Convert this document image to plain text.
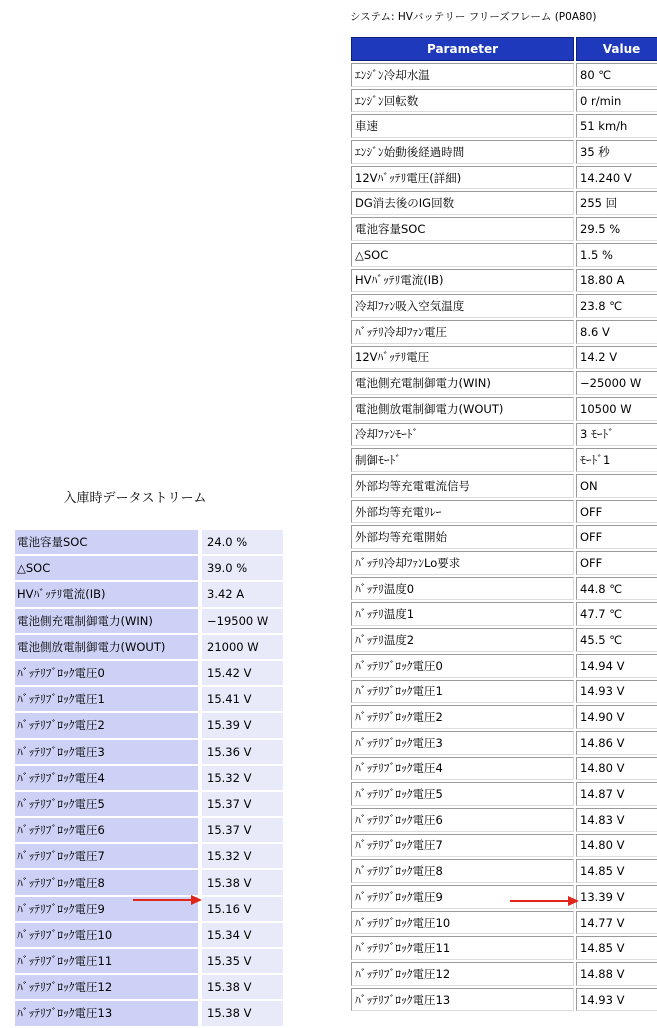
入庫時データストリーム
電池容量SOC	24.0 %
△SOC	39.0 %
HVﾊﾞｯﾃﾘ電流(IB)	3.42 A
電池側充電制御電力(WIN)	−19500 W
電池側放電制御電力(WOUT)	21000 W
ﾊﾞｯﾃﾘﾌﾞﾛｯｸ電圧0	15.42 V
ﾊﾞｯﾃﾘﾌﾞﾛｯｸ電圧1	15.41 V
ﾊﾞｯﾃﾘﾌﾞﾛｯｸ電圧2	15.39 V
ﾊﾞｯﾃﾘﾌﾞﾛｯｸ電圧3	15.36 V
ﾊﾞｯﾃﾘﾌﾞﾛｯｸ電圧4	15.32 V
ﾊﾞｯﾃﾘﾌﾞﾛｯｸ電圧5	15.37 V
ﾊﾞｯﾃﾘﾌﾞﾛｯｸ電圧6	15.37 V
ﾊﾞｯﾃﾘﾌﾞﾛｯｸ電圧7	15.32 V
ﾊﾞｯﾃﾘﾌﾞﾛｯｸ電圧8	15.38 V
ﾊﾞｯﾃﾘﾌﾞﾛｯｸ電圧9	15.16 V
ﾊﾞｯﾃﾘﾌﾞﾛｯｸ電圧10	15.34 V
ﾊﾞｯﾃﾘﾌﾞﾛｯｸ電圧11	15.35 V
ﾊﾞｯﾃﾘﾌﾞﾛｯｸ電圧12	15.38 V
ﾊﾞｯﾃﾘﾌﾞﾛｯｸ電圧13	15.38 V
システム: HVバッテリー フリーズフレーム (P0A80)
Parameter	Value
ｴﾝｼﾞﾝ冷却水温	80 ℃
ｴﾝｼﾞﾝ回転数	0 r/min
車速	51 km/h
ｴﾝｼﾞﾝ始動後経過時間	35 秒
12Vﾊﾞｯﾃﾘ電圧(詳細)	14.240 V
DG消去後のIG回数	255 回
電池容量SOC	29.5 %
△SOC	1.5 %
HVﾊﾞｯﾃﾘ電流(IB)	18.80 A
冷却ﾌｧﾝ吸入空気温度	23.8 ℃
ﾊﾞｯﾃﾘ冷却ﾌｧﾝ電圧	8.6 V
12Vﾊﾞｯﾃﾘ電圧	14.2 V
電池側充電制御電力(WIN)	−25000 W
電池側放電制御電力(WOUT)	10500 W
冷却ﾌｧﾝﾓｰﾄﾞ	3 ﾓｰﾄﾞ
制御ﾓｰﾄﾞ	ﾓｰﾄﾞ1
外部均等充電電流信号	ON
外部均等充電ﾘﾚｰ	OFF
外部均等充電開始	OFF
ﾊﾞｯﾃﾘ冷却ﾌｧﾝLo要求	OFF
ﾊﾞｯﾃﾘ温度0	44.8 ℃
ﾊﾞｯﾃﾘ温度1	47.7 ℃
ﾊﾞｯﾃﾘ温度2	45.5 ℃
ﾊﾞｯﾃﾘﾌﾞﾛｯｸ電圧0	14.94 V
ﾊﾞｯﾃﾘﾌﾞﾛｯｸ電圧1	14.93 V
ﾊﾞｯﾃﾘﾌﾞﾛｯｸ電圧2	14.90 V
ﾊﾞｯﾃﾘﾌﾞﾛｯｸ電圧3	14.86 V
ﾊﾞｯﾃﾘﾌﾞﾛｯｸ電圧4	14.80 V
ﾊﾞｯﾃﾘﾌﾞﾛｯｸ電圧5	14.87 V
ﾊﾞｯﾃﾘﾌﾞﾛｯｸ電圧6	14.83 V
ﾊﾞｯﾃﾘﾌﾞﾛｯｸ電圧7	14.80 V
ﾊﾞｯﾃﾘﾌﾞﾛｯｸ電圧8	14.85 V
ﾊﾞｯﾃﾘﾌﾞﾛｯｸ電圧9	13.39 V
ﾊﾞｯﾃﾘﾌﾞﾛｯｸ電圧10	14.77 V
ﾊﾞｯﾃﾘﾌﾞﾛｯｸ電圧11	14.85 V
ﾊﾞｯﾃﾘﾌﾞﾛｯｸ電圧12	14.88 V
ﾊﾞｯﾃﾘﾌﾞﾛｯｸ電圧13	14.93 V
